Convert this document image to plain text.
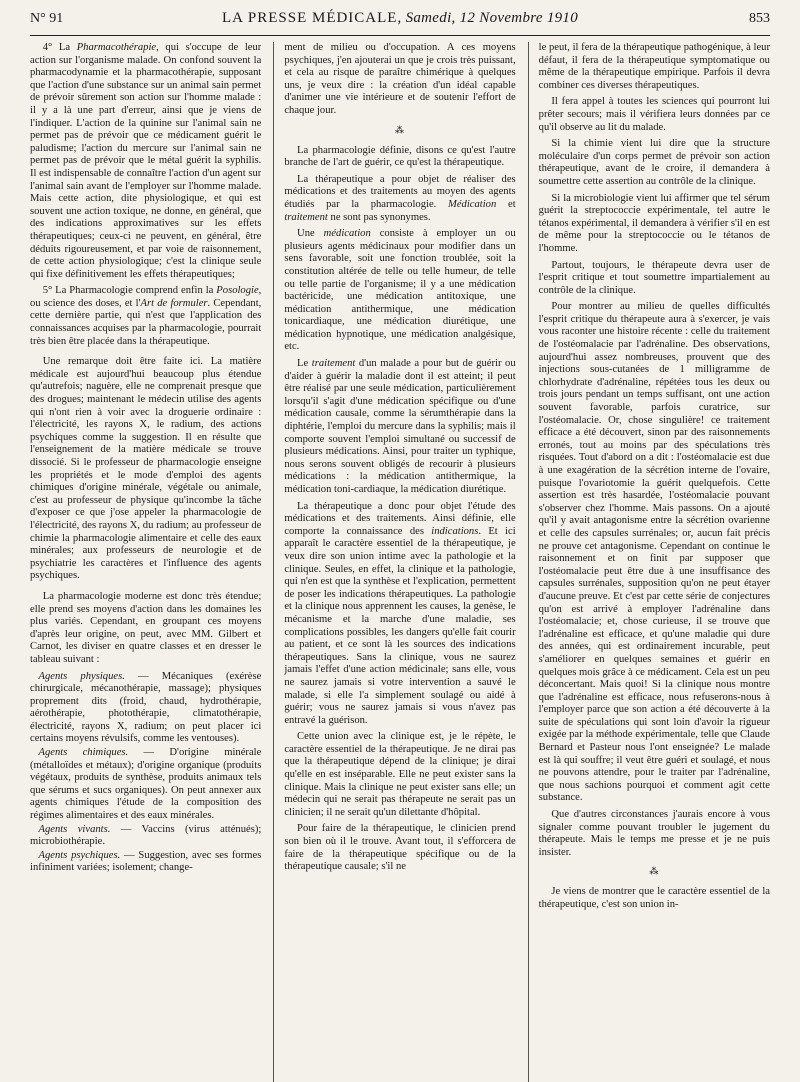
N° 91	LA PRESSE MÉDICALE, Samedi, 12 Novembre 1910	853

4° La Pharmacothérapie, qui s'occupe de leur action sur l'organisme malade. On confond souvent la pharmacodynamie et la pharmacothérapie, supposant que l'action d'une substance sur un animal sain permet de prévoir sûrement son action sur l'homme malade : il y a là une part d'erreur, ainsi que je viens de l'indiquer. L'action de la quinine sur l'animal sain ne permet pas de prévoir que ce médicament guérit le paludisme; l'action du mercure sur l'animal sain ne permet pas de prévoir que le métal guérit la syphilis. Il est indispensable de connaître l'action d'un agent sur l'animal sain avant de l'employer sur l'homme malade. Mais cette action, dite physiologique, et qui est souvent une action toxique, ne donne, en général, que des indications approximatives sur les effets thérapeutiques; ceux-ci ne peuvent, en général, être déduits rigoureusement, et par voie de raisonnement, de cette action physiologique; c'est la clinique seule qui fixe définitivement les effets thérapeutiques;

5° La Pharmacologie comprend enfin la Posologie, ou science des doses, et l'Art de formuler. Cependant, cette dernière partie, qui n'est que l'application des connaissances acquises par la pharmacologie, pourrait très bien être placée dans la thérapeutique.

Une remarque doit être faite ici. La matière médicale est aujourd'hui beaucoup plus étendue qu'autrefois; naguère, elle ne comprenait presque que des drogues; maintenant le médecin utilise des agents qui n'ont rien à voir avec la droguerie ordinaire : l'électricité, les rayons X, le radium, des actions psychiques comme la suggestion. Il en résulte que l'enseignement de la matière médicale se trouve dissocié. Si le professeur de pharmacologie enseigne les propriétés et le mode d'emploi des agents chimiques d'origine minérale, végétale ou animale, c'est au professeur de physique qu'incombe la tâche d'exposer ce que j'ose appeler la pharmacologie de l'électricité, des rayons X, du radium; au professeur de chimie la pharmacologie alimentaire et celle des eaux minérales; aux professeurs de neurologie et de psychiatrie les caractères et l'influence des agents psychiques.

La pharmacologie moderne est donc très étendue; elle prend ses moyens d'action dans les domaines les plus variés. Cependant, en groupant ces moyens d'après leur origine, on peut, avec MM. Gilbert et Carnot, les diviser en quatre classes et en dresser le tableau suivant :

Agents physiques. — Mécaniques (exérèse chirurgicale, mécanothérapie, massage); physiques proprement dits (froid, chaud, hydrothérapie, aérothérapie, photothérapie, climatothérapie, électricité, rayons X, radium; on peut placer ici certains moyens révulsifs, comme les ventouses).

Agents chimiques. — D'origine minérale (métalloïdes et métaux); d'origine organique (produits végétaux, produits de synthèse, produits animaux tels que sérums et sucs organiques). On peut annexer aux agents chimiques l'étude de la composition des régimes alimentaires et des eaux minérales.

Agents vivants. — Vaccins (virus atténués); microbiothérapie.

Agents psychiques. — Suggestion, avec ses formes infiniment variées; isolement; change-

ment de milieu ou d'occupation. A ces moyens psychiques, j'en ajouterai un que je crois très puissant, et cela au risque de paraître chimérique à quelques uns, je veux dire : la création d'un idéal capable d'animer une vie intérieure et de soutenir l'effort de chaque jour.

⁂

La pharmacologie définie, disons ce qu'est l'autre branche de l'art de guérir, ce qu'est la thérapeutique.

La thérapeutique a pour objet de réaliser des médications et des traitements au moyen des agents étudiés par la pharmacologie. Médication et traitement ne sont pas synonymes.

Une médication consiste à employer un ou plusieurs agents médicinaux pour modifier dans un sens favorable, soit une fonction troublée, soit la constitution altérée de telle ou telle humeur, de telle ou telle partie de l'organisme; il y a une médication bactéricide, une médication antitoxique, une médication antithermique, une médication tonicardiaque, une médication diurétique, une médication hypnotique, une médication analgésique, etc.

Le traitement d'un malade a pour but de guérir ou d'aider à guérir la maladie dont il est atteint; il peut être réalisé par une seule médication, particulièrement lorsqu'il s'agit d'une médication spécifique ou d'une médication causale, comme la sérumthérapie dans la diphtérie, l'emploi du mercure dans la syphilis; mais il comporte souvent l'emploi simultané ou successif de plusieurs médications. Ainsi, pour traiter un typhique, nous serons souvent obligés de recourir à plusieurs médications : la médication antithermique, la médication toni-cardiaque, la médication diurétique.

La thérapeutique a donc pour objet l'étude des médications et des traitements. Ainsi définie, elle comporte la connaissance des indications. Et ici apparaît le caractère essentiel de la thérapeutique, je veux dire son union intime avec la pathologie et la clinique. Seules, en effet, la clinique et la pathologie, qui n'en est que la synthèse et l'explication, permettent de poser les indications thérapeutiques. La pathologie et la clinique nous apprennent les causes, la genèse, le mécanisme et la marche d'une maladie, ses complications possibles, les dangers qu'elle fait courir au patient, et ce sont là les sources des indications thérapeutiques. Sans la clinique, vous ne saurez jamais l'effet d'une action médicinale; sans elle, vous ne saurez jamais si votre intervention a sauvé le malade, si elle l'a simplement soulagé ou aidé à guérir; vous ne saurez jamais si vous n'avez pas entravé la guérison.

Cette union avec la clinique est, je le répète, le caractère essentiel de la thérapeutique. Je ne dirai pas que la thérapeutique dépend de la clinique; je dirai qu'elle en est inséparable. Elle ne peut exister sans la clinique. Mais la clinique ne peut exister sans elle; un médecin qui ne serait pas thérapeute ne serait pas un clinicien; il ne serait qu'un dilettante d'hôpital.

Pour faire de la thérapeutique, le clinicien prend son bien où il le trouve. Avant tout, il s'efforcera de faire de la thérapeutique spécifique ou de la thérapeutique causale; s'il ne

le peut, il fera de la thérapeutique pathogénique, à leur défaut, il fera de la thérapeutique symptomatique ou même de la thérapeutique empirique. Parfois il devra combiner ces diverses thérapeutiques.

Il fera appel à toutes les sciences qui pourront lui prêter secours; mais il vérifiera leurs données par ce qu'il observe au lit du malade.

Si la chimie vient lui dire que la structure moléculaire d'un corps permet de prévoir son action thérapeutique, avant de le croire, il demandera à soumettre cette assertion au contrôle de la clinique.

Si la microbiologie vient lui affirmer que tel sérum guérit la streptococcie expérimentale, tel autre le tétanos expérimental, il demandera à vérifier s'il en est de même pour la streptococcie ou le tétanos de l'homme.

Partout, toujours, le thérapeute devra user de l'esprit critique et tout soumettre impartialement au contrôle de la clinique.

Pour montrer au milieu de quelles difficultés l'esprit critique du thérapeute aura à s'exercer, je vais vous raconter une histoire récente : celle du traitement de l'ostéomalacie par l'adrénaline. Des observations, aujourd'hui assez nombreuses, prouvent que des injections sous-cutanées de 1 milligramme de chlorhydrate d'adrénaline, répétées tous les deux ou trois jours pendant un temps suffisant, ont une action souvent favorable, parfois curatrice, sur l'ostéomalacie. Or, chose singulière! ce traitement efficace a été découvert, sinon par des raisonnements erronés, tout au moins par des spéculations très risquées. Tout d'abord on a dit : l'ostéomalacie est due à une exagération de la sécrétion interne de l'ovaire, puisque l'ovariotomie la guérit quelquefois. Cette assertion est très hasardée, l'ostéomalacie pouvant s'observer chez l'homme. Mais passons. On a ajouté qu'il y avait antagonisme entre la sécrétion ovarienne et celle des capsules surrénales; or, aucun fait précis ne prouve cet antagonisme. Cependant on continue le raisonnement et on finit par supposer que l'ostéomalacie peut être due à une insuffisance des capsules surrénales, supposition qu'on ne peut étayer d'aucune preuve. Et c'est par cette série de conjectures qu'on est arrivé à employer l'adrénaline dans l'ostéomalacie; et, chose curieuse, il se trouve que l'adrénaline est efficace, et qu'une maladie qui dure des années, qui est ordinairement incurable, peut s'améliorer en quelques semaines et guérir en quelques mois grâce à ce médicament. Cela est un peu déconcertant. Mais quoi! Si la clinique nous montre que l'adrénaline est efficace, nous refuserons-nous à l'employer parce que son action a été découverte à la suite de spéculations qui sont loin d'avoir la rigueur exigée par la méthode expérimentale, telle que Claude Bernard et Pasteur nous l'ont enseignée? Le malade est là qui souffre; il veut être guéri et soulagé, et nous ne pouvons attendre, pour le traiter par l'adrénaline, que nous sachions pourquoi et comment agit cette substance.

Que d'autres circonstances j'aurais encore à vous signaler comme pouvant troubler le jugement du thérapeute. Mais le temps me presse et je ne puis insister.

⁂

Je viens de montrer que le caractère essentiel de la thérapeutique, c'est son union in-
